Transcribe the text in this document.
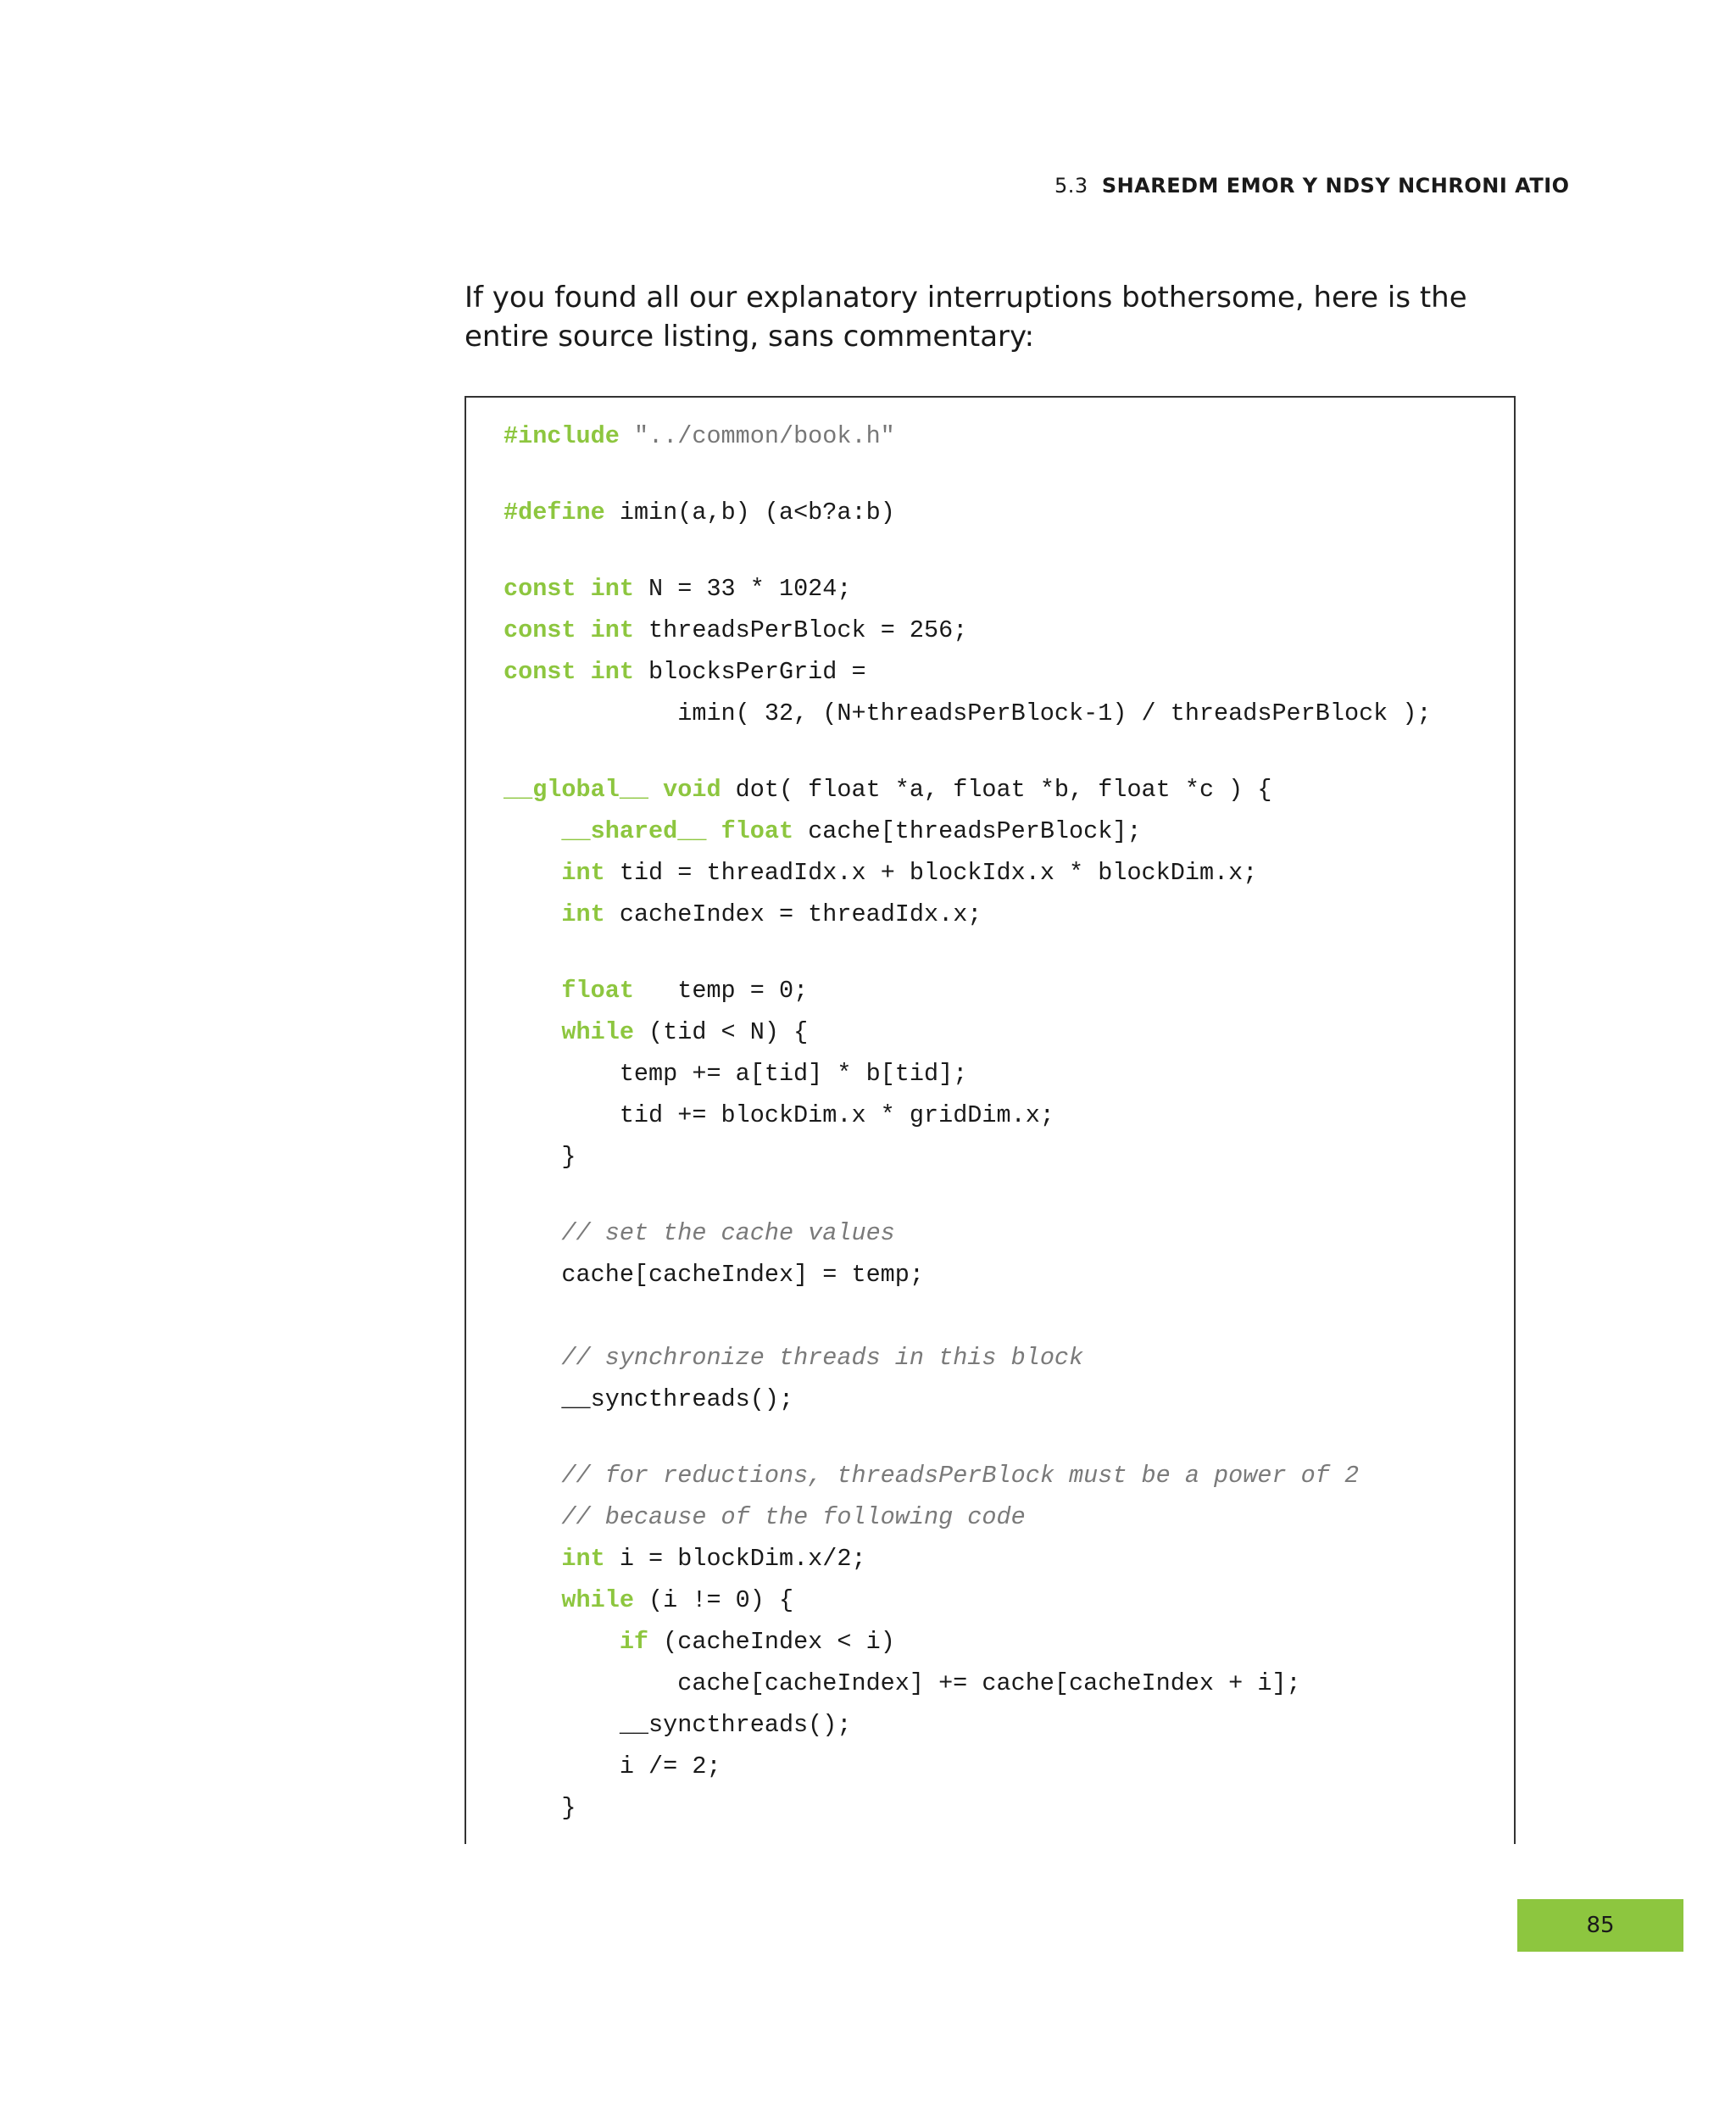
5.3 SHAREDM EMOR Y NDSY NCHRONI ATIO

If you found all our explanatory interruptions bothersome, here is the entire source listing, sans commentary:

#include "../common/book.h"
#define imin(a,b) (a<b?a:b)
const int N = 33 * 1024;
const int threadsPerBlock = 256;
const int blocksPerGrid =
imin( 32, (N+threadsPerBlock-1) / threadsPerBlock );
__global__ void dot( float *a, float *b, float *c ) {
__shared__ float cache[threadsPerBlock];
int tid = threadIdx.x + blockIdx.x * blockDim.x;
int cacheIndex = threadIdx.x;
float temp = 0;
while (tid < N) {
temp += a[tid] * b[tid];
tid += blockDim.x * gridDim.x;
}
// set the cache values
cache[cacheIndex] = temp;
// synchronize threads in this block
__syncthreads();
// for reductions, threadsPerBlock must be a power of 2
// because of the following code
int i = blockDim.x/2;
while (i != 0) {
if (cacheIndex < i)
cache[cacheIndex] += cache[cacheIndex + i];
__syncthreads();
i /= 2;
}
85
